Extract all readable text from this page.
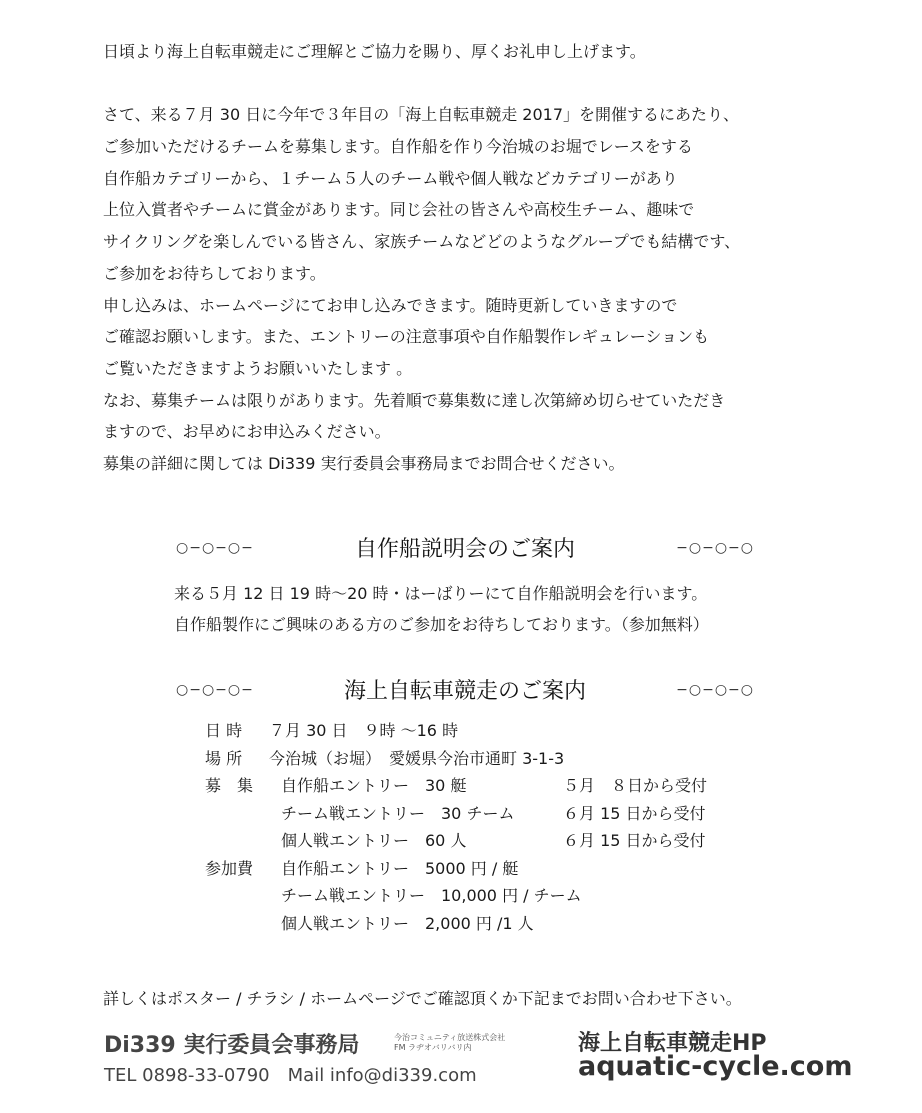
日頃より海上自転車競走にご理解とご協力を賜り、厚くお礼申し上げます。
さて、来る７月 30 日に今年で３年目の「海上自転車競走 2017」を開催するにあたり、
ご参加いただけるチームを募集します。自作船を作り今治城のお堀でレースをする
自作船カテゴリーから、１チーム５人のチーム戦や個人戦などカテゴリーがあり
上位入賞者やチームに賞金があります。同じ会社の皆さんや高校生チーム、趣味で
サイクリングを楽しんでいる皆さん、家族チームなどどのようなグループでも結構です、
ご参加をお待ちしております。
申し込みは、ホームページにてお申し込みできます。随時更新していきますので
ご確認お願いします。また、エントリーの注意事項や自作船製作レギュレーションも
ご覧いただきますようお願いいたします 。
なお、募集チームは限りがあります。先着順で募集数に達し次第締め切らせていただき
ますので、お早めにお申込みください。
募集の詳細に関しては Di339 実行委員会事務局までお問合せください。
○−○−○−	自作船説明会のご案内	−○−○−○
来る５月 12 日 19 時〜20 時・はーばりーにて自作船説明会を行います。
自作船製作にご興味のある方のご参加をお待ちしております。（参加無料）
○−○−○−	海上自転車競走のご案内	−○−○−○
日 時 ７月 30 日　９時 〜16 時
場 所 今治城（お堀）　愛媛県今治市通町 3-1-3
募　集 自作船エントリー　30 艇	５月　８日から受付
チーム戦エントリー　30 チーム	６月 15 日から受付
個人戦エントリー　60 人	６月 15 日から受付
参加費 自作船エントリー　5000 円 / 艇
チーム戦エントリー　10,000 円 / チーム
個人戦エントリー　2,000 円 /1 人
詳しくはポスター / チラシ / ホームページでご確認頂くか下記までお問い合わせ下さい。
Di339 実行委員会事務局	今治コミュニティ放送株式会社
FM ラヂオバリバリ内
TEL 0898-33-0790　Mail info@di339.com
海上自転車競走HP
aquatic-cycle.com
